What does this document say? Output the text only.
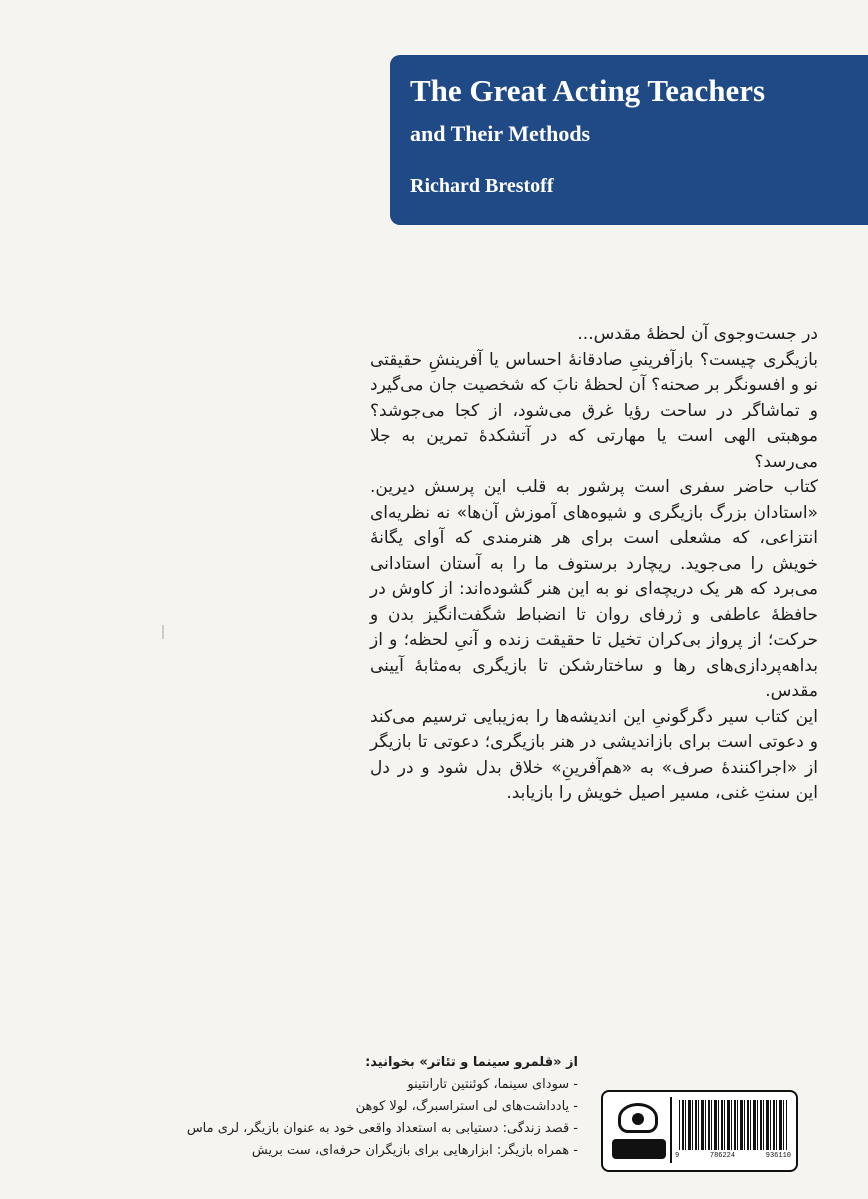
The Great Acting Teachers
and Their Methods
Richard Brestoff

در جست‌وجوی آن لحظهٔ مقدس...

بازیگری چیست؟ بازآفرینیِ صادقانهٔ احساس یا آفرینشِ حقیقتی نو و افسونگر بر صحنه؟ آن لحظهٔ نابَ که شخصیت جان می‌گیرد و تماشاگر در ساحت رؤیا غرق می‌شود، از کجا می‌جوشد؟ موهبتی الهی است یا مهارتی که در آتشکدهٔ تمرین به جلا می‌رسد؟

کتاب حاضر سفری است پرشور به قلب این پرسش دیرین. «استادان بزرگ بازیگری و شیوه‌های آموزش آن‌ها» نه نظریه‌ای انتزاعی، که مشعلی است برای هر هنرمندی که آوای یگانهٔ خویش را می‌جوید. ریچارد برستوف ما را به آستان استادانی می‌برد که هر یک دریچه‌ای نو به این هنر گشوده‌اند: از کاوش در حافظهٔ عاطفی و ژرفای روان تا انضباط شگفت‌انگیز بدن و حرکت؛ از پرواز بی‌کران تخیل تا حقیقت زنده و آنیِ لحظه؛ و از بداهه‌پردازی‌های رها و ساختارشکن تا بازیگری به‌مثابهٔ آیینی مقدس.

این کتاب سیر دگرگونیِ این اندیشه‌ها را به‌زیبایی ترسیم می‌کند و دعوتی است برای بازاندیشی در هنر بازیگری؛ دعوتی تا بازیگر از «اجراکنندهٔ صرف» به «هم‌آفرینِ» خلاق بدل شود و در دل این سنتِ غنی، مسیر اصیل خویش را بازیابد.

از «قلمرو سینما و تئاتر» بخوانید:
- سودای سینما، کوئنتین تارانتینو
- یادداشت‌های لی استراسبرگ، لولا کوهن
- قصد زندگی: دستیابی به استعداد واقعی خود به عنوان بازیگر، لری ماس
- همراه بازیگر: ابزارهایی برای بازیگران حرفه‌ای، ست بریش	9	786224	936110
